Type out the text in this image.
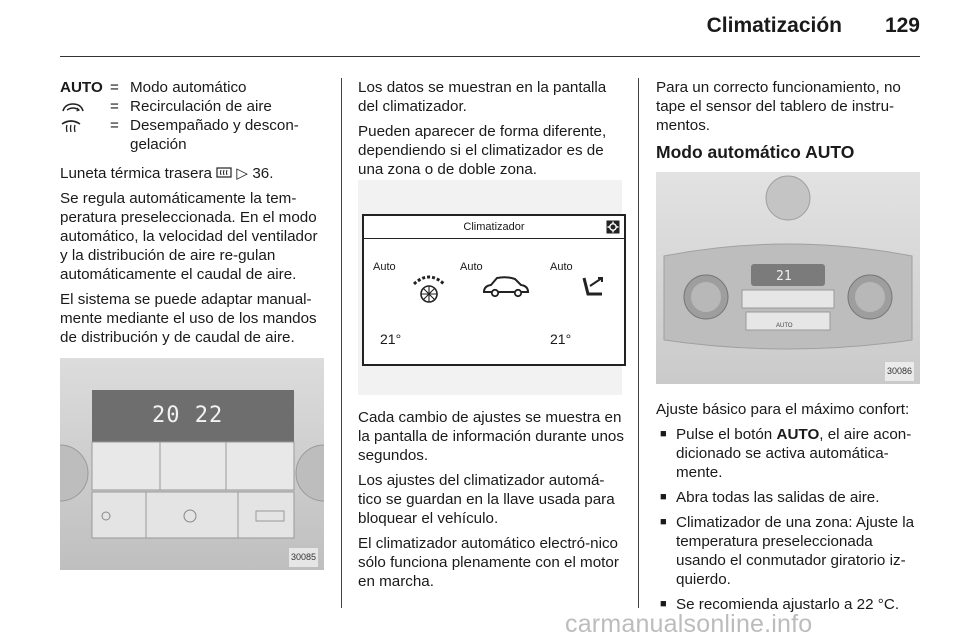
Climatización 129
AUTO = Modo automático
= Recirculación de aire
= Desempañado y descon-gelación

Luneta térmica trasera ▷ 36.

Se regula automáticamente la tem-peratura preseleccionada. En el modo automático, la velocidad del ventilador y la distribución de aire re-gulan automáticamente el caudal de aire.

El sistema se puede adaptar manual-mente mediante el uso de los mandos de distribución y de caudal de aire.

20 22
30085

Los datos se muestran en la pantalla del climatizador.

Pueden aparecer de forma diferente, dependiendo si el climatizador es de una zona o de doble zona.

Climatizador
Auto	Auto	Auto
21°	21°

Cada cambio de ajustes se muestra en la pantalla de información durante unos segundos.

Los ajustes del climatizador automá-tico se guardan en la llave usada para bloquear el vehículo.

El climatizador automático electró-nico sólo funciona plenamente con el motor en marcha.

Para un correcto funcionamiento, no tape el sensor del tablero de instru-mentos.

Modo automático AUTO
21
AUTO
30086

Ajuste básico para el máximo confort:

■ Pulse el botón AUTO, el aire acon-dicionado se activa automática-mente.
■ Abra todas las salidas de aire.
■ Climatizador de una zona: Ajuste la temperatura preseleccionada usando el conmutador giratorio iz-quierdo.
■ Se recomienda ajustarlo a 22 °C.
carmanualsonline.info
